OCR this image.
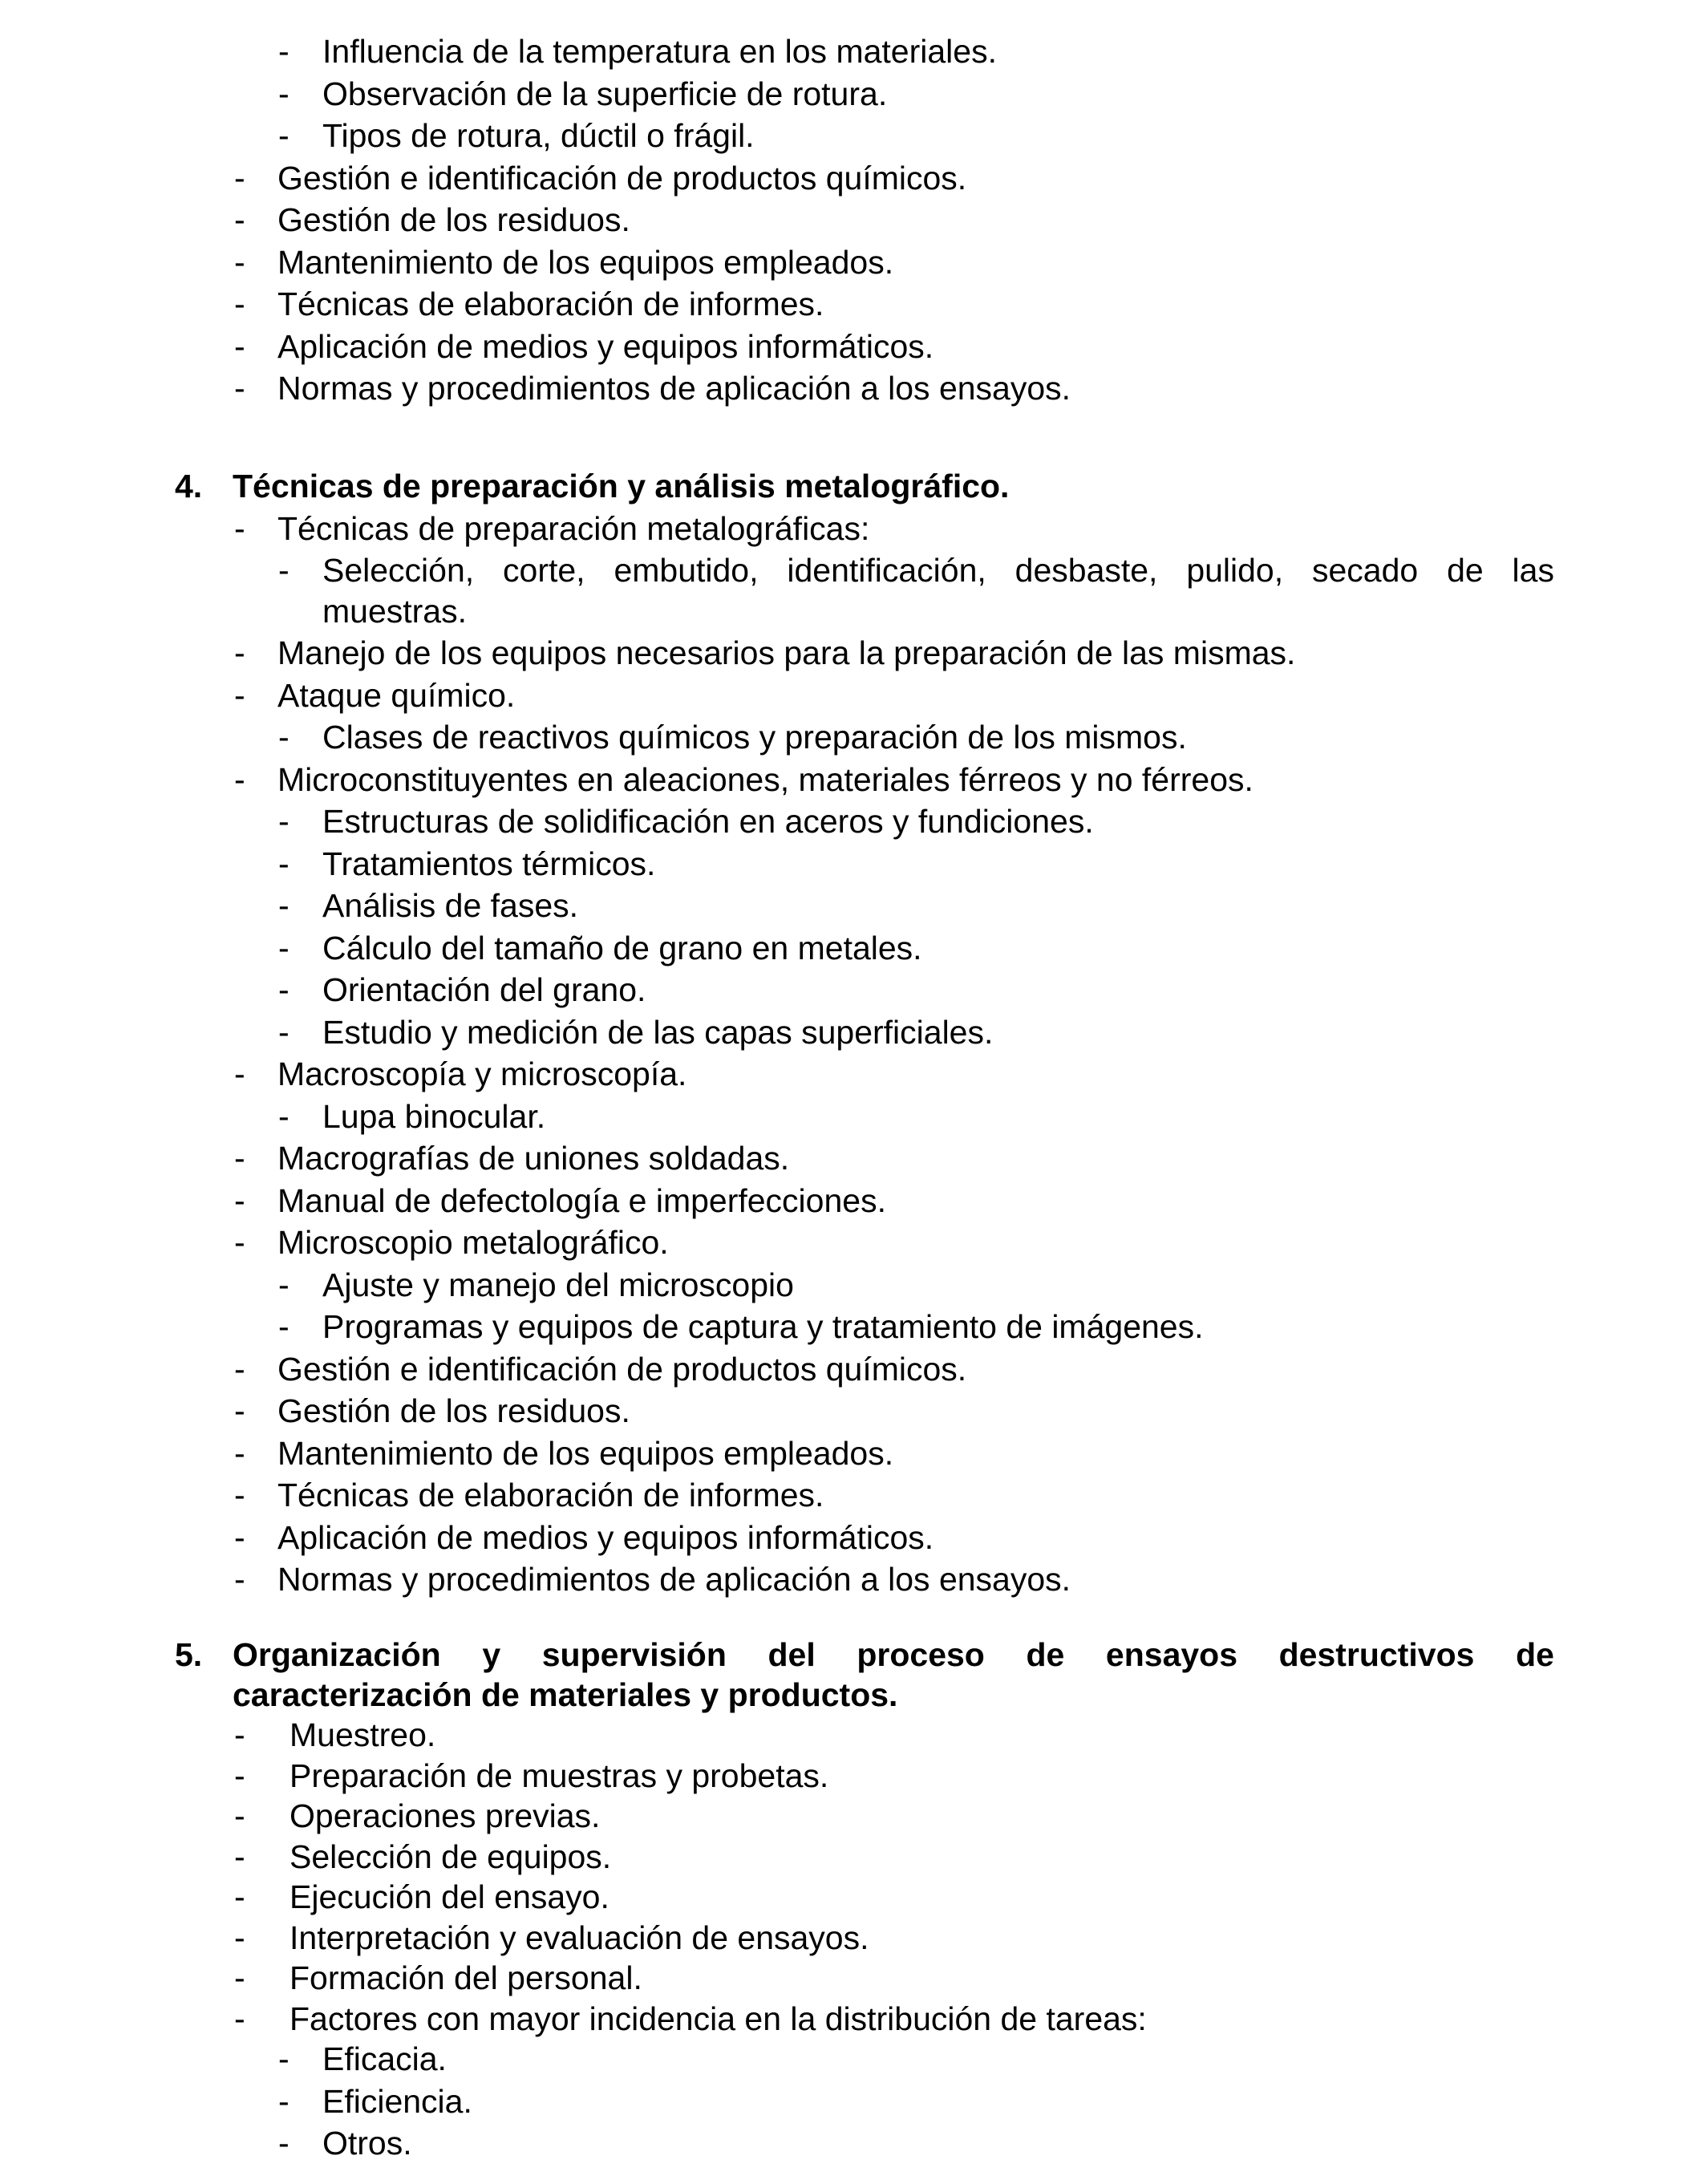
- Influencia de la temperatura en los materiales.
- Observación de la superficie de rotura.
- Tipos de rotura, dúctil o frágil.
- Gestión e identificación de productos químicos.
- Gestión de los residuos.
- Mantenimiento de los equipos empleados.
- Técnicas de elaboración de informes.
- Aplicación de medios y equipos informáticos.
- Normas y procedimientos de aplicación a los ensayos.
4. Técnicas de preparación y análisis metalográfico.
- Técnicas de preparación metalográficas:
- Selección, corte, embutido, identificación, desbaste, pulido, secado de las
muestras.
- Manejo de los equipos necesarios para la preparación de las mismas.
- Ataque químico.
- Clases de reactivos químicos y preparación de los mismos.
- Microconstituyentes en aleaciones, materiales férreos y no férreos.
- Estructuras de solidificación en aceros y fundiciones.
- Tratamientos térmicos.
- Análisis de fases.
- Cálculo del tamaño de grano en metales.
- Orientación del grano.
- Estudio y medición de las capas superficiales.
- Macroscopía y microscopía.
- Lupa binocular.
- Macrografías de uniones soldadas.
- Manual de defectología e imperfecciones.
- Microscopio metalográfico.
- Ajuste y manejo del microscopio
- Programas y equipos de captura y tratamiento de imágenes.
- Gestión e identificación de productos químicos.
- Gestión de los residuos.
- Mantenimiento de los equipos empleados.
- Técnicas de elaboración de informes.
- Aplicación de medios y equipos informáticos.
- Normas y procedimientos de aplicación a los ensayos.
5. Organización y supervisión del proceso de ensayos destructivos de
caracterización de materiales y productos.
- Muestreo.
- Preparación de muestras y probetas.
- Operaciones previas.
- Selección de equipos.
- Ejecución del ensayo.
- Interpretación y evaluación de ensayos.
- Formación del personal.
- Factores con mayor incidencia en la distribución de tareas:
- Eficacia.
- Eficiencia.
- Otros.
